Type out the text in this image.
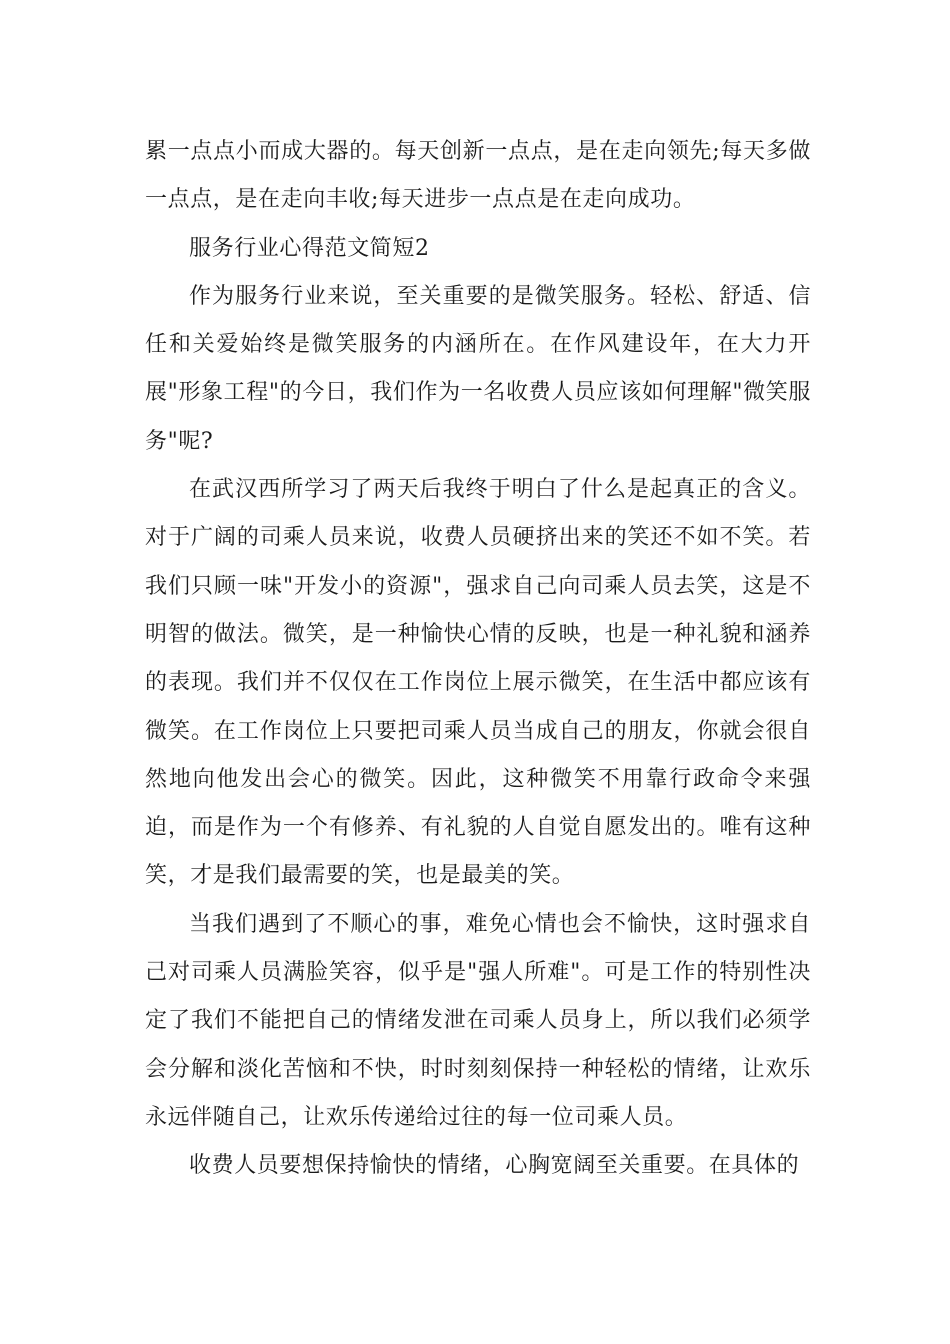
累一点点小而成大器的。每天创新一点点，是在走向领先;每天多做一点点，是在走向丰收;每天进步一点点是在走向成功。

服务行业心得范文简短2

作为服务行业来说，至关重要的是微笑服务。轻松、舒适、信任和关爱始终是微笑服务的内涵所在。在作风建设年，在大力开展"形象工程"的今日，我们作为一名收费人员应该如何理解"微笑服务"呢?

在武汉西所学习了两天后我终于明白了什么是起真正的含义。对于广阔的司乘人员来说，收费人员硬挤出来的笑还不如不笑。若我们只顾一味"开发小的资源"，强求自己向司乘人员去笑，这是不明智的做法。微笑，是一种愉快心情的反映，也是一种礼貌和涵养的表现。我们并不仅仅在工作岗位上展示微笑，在生活中都应该有微笑。在工作岗位上只要把司乘人员当成自己的朋友，你就会很自然地向他发出会心的微笑。因此，这种微笑不用靠行政命令来强迫，而是作为一个有修养、有礼貌的人自觉自愿发出的。唯有这种笑，才是我们最需要的笑，也是最美的笑。

当我们遇到了不顺心的事，难免心情也会不愉快，这时强求自己对司乘人员满脸笑容，似乎是"强人所难"。可是工作的特别性决定了我们不能把自己的情绪发泄在司乘人员身上，所以我们必须学会分解和淡化苦恼和不快，时时刻刻保持一种轻松的情绪，让欢乐永远伴随自己，让欢乐传递给过往的每一位司乘人员。

收费人员要想保持愉快的情绪，心胸宽阔至关重要。在具体的
